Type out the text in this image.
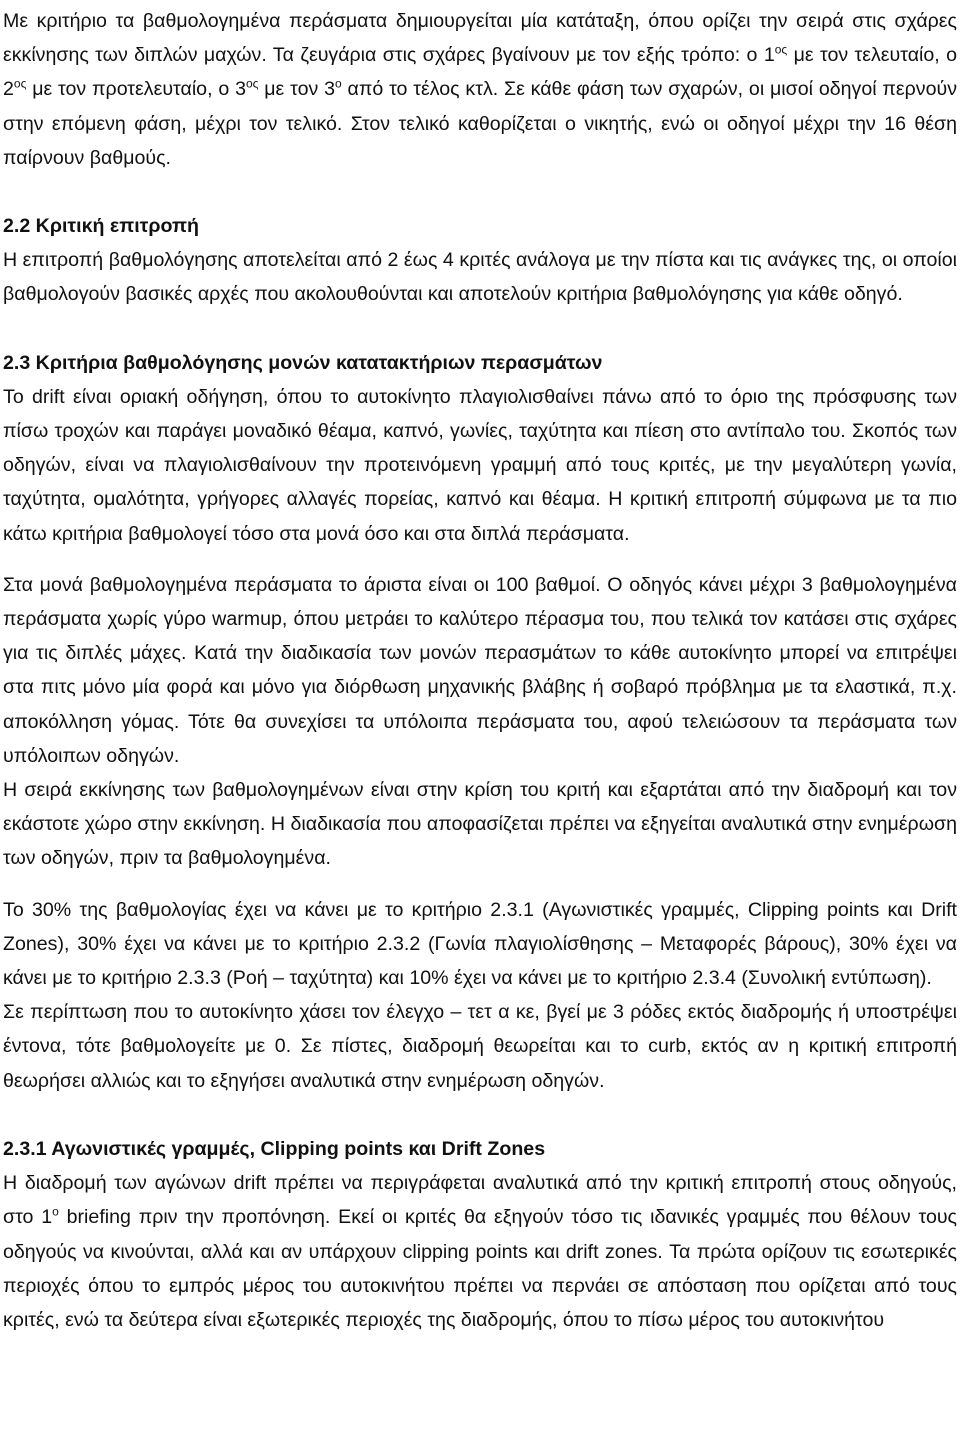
Με κριτήριο τα βαθμολογημένα περάσματα δημιουργείται μία κατάταξη, όπου ορίζει την σειρά στις σχάρες εκκίνησης των διπλών μαχών. Τα ζευγάρια στις σχάρες βγαίνουν με τον εξής τρόπο: ο $1^{o\varsigma}$ με τον τελευταίο, ο $2^{o\varsigma}$ με τον προτελευταίο, ο $3^{o\varsigma}$ με τον $3^o$ από το τέλος κτλ. Σε κάθε φάση των σχαρών, οι μισοί οδηγοί περνούν στην επόμενη φάση, μέχρι τον τελικό. Στον τελικό καθορίζεται ο νικητής, ενώ οι οδηγοί μέχρι την 16 θέση παίρνουν βαθμούς.

2.2 Κριτική επιτροπή

Η επιτροπή βαθμολόγησης αποτελείται από 2 έως 4 κριτές ανάλογα με την πίστα και τις ανάγκες της, οι οποίοι βαθμολογούν βασικές αρχές που ακολουθούνται και αποτελούν κριτήρια βαθμολόγησης για κάθε οδηγό.

2.3 Κριτήρια βαθμολόγησης μονών κατατακτήριων περασμάτων

Το drift είναι οριακή οδήγηση, όπου το αυτοκίνητο πλαγιολισθαίνει πάνω από το όριο της πρόσφυσης των πίσω τροχών και παράγει μοναδικό θέαμα, καπνό, γωνίες, ταχύτητα και πίεση στο αντίπαλο του. Σκοπός των οδηγών, είναι να πλαγιολισθαίνουν την προτεινόμενη γραμμή από τους κριτές, με την μεγαλύτερη γωνία, ταχύτητα, ομαλότητα, γρήγορες αλλαγές πορείας, καπνό και θέαμα. Η κριτική επιτροπή σύμφωνα με τα πιο κάτω κριτήρια βαθμολογεί τόσο στα μονά όσο και στα διπλά περάσματα.

Στα μονά βαθμολογημένα περάσματα το άριστα είναι οι 100 βαθμοί. Ο οδηγός κάνει μέχρι 3 βαθμολογημένα περάσματα χωρίς γύρο warmup, όπου μετράει το καλύτερο πέρασμα του, που τελικά τον κατάσει στις σχάρες για τις διπλές μάχες. Κατά την διαδικασία των μονών περασμάτων το κάθε αυτοκίνητο μπορεί να επιτρέψει στα πιτς μόνο μία φορά και μόνο για διόρθωση μηχανικής βλάβης ή σοβαρό πρόβλημα με τα ελαστικά, π.χ. αποκόλληση γόμας. Τότε θα συνεχίσει τα υπόλοιπα περάσματα του, αφού τελειώσουν τα περάσματα των υπόλοιπων οδηγών.

Η σειρά εκκίνησης των βαθμολογημένων είναι στην κρίση του κριτή και εξαρτάται από την διαδρομή και τον εκάστοτε χώρο στην εκκίνηση. Η διαδικασία που αποφασίζεται πρέπει να εξηγείται αναλυτικά στην ενημέρωση των οδηγών, πριν τα βαθμολογημένα.

Το 30% της βαθμολογίας έχει να κάνει με το κριτήριο 2.3.1 (Αγωνιστικές γραμμές, Clipping points και Drift Zones), 30% έχει να κάνει με το κριτήριο 2.3.2 (Γωνία πλαγιολίσθησης – Μεταφορές βάρους), 30% έχει να κάνει με το κριτήριο 2.3.3 (Ροή – ταχύτητα) και 10% έχει να κάνει με το κριτήριο 2.3.4 (Συνολική εντύπωση).

Σε περίπτωση που το αυτοκίνητο χάσει τον έλεγχο – τετ α κε, βγεί με 3 ρόδες εκτός διαδρομής ή υποστρέψει έντονα, τότε βαθμολογείτε με 0. Σε πίστες, διαδρομή θεωρείται και το curb, εκτός αν η κριτική επιτροπή θεωρήσει αλλιώς και το εξηγήσει αναλυτικά στην ενημέρωση οδηγών.

2.3.1 Αγωνιστικές γραμμές, Clipping points και Drift Zones

Η διαδρομή των αγώνων drift πρέπει να περιγράφεται αναλυτικά από την κριτική επιτροπή στους οδηγούς, στο $1^o$ briefing πριν την προπόνηση. Εκεί οι κριτές θα εξηγούν τόσο τις ιδανικές γραμμές που θέλουν τους οδηγούς να κινούνται, αλλά και αν υπάρχουν clipping points και drift zones. Τα πρώτα ορίζουν τις εσωτερικές περιοχές όπου το εμπρός μέρος του αυτοκινήτου πρέπει να περνάει σε απόσταση που ορίζεται από τους κριτές, ενώ τα δεύτερα είναι εξωτερικές περιοχές της διαδρομής, όπου το πίσω μέρος του αυτοκινήτου
